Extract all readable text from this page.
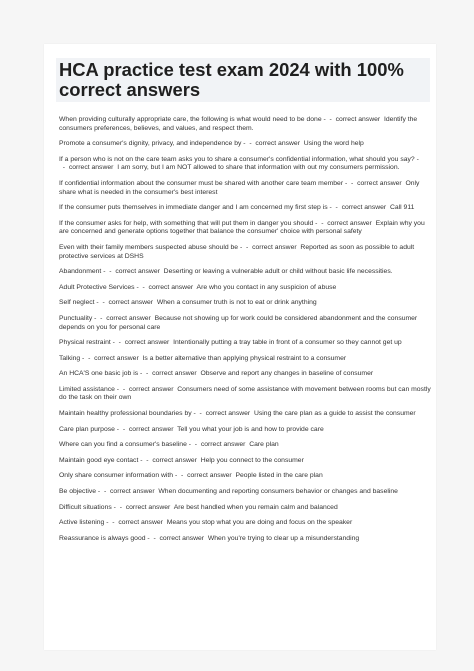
HCA practice test exam 2024 with 100% correct answers
When providing culturally appropriate care, the following is what would need to be done -  -  correct answer Identify the consumers preferences, believes, and values, and respect them.
Promote a consumer's dignity, privacy, and independence by -  -  correct answer Using the word help
If a person who is not on the care team asks you to share a consumer's confidential information, what should you say? -  -  correct answer I am sorry, but I am NOT allowed to share that information with out my consumers permission.
If confidential information about the consumer must be shared with another care team member -  -  correct answer Only share what is needed in the consumer's best interest
If the consumer puts themselves in immediate danger and I am concerned my first step is -  -  correct answer Call 911
If the consumer asks for help, with something that will put them in danger you should -  -  correct answer Explain why you are concerned and generate options together that balance the consumer' choice with personal safety
Even with their family members suspected abuse should be -  -  correct answer Reported as soon as possible to adult protective services at DSHS
Abandonment -  -  correct answer Deserting or leaving a vulnerable adult or child without basic life necessities.
Adult Protective Services -  -  correct answer Are who you contact in any suspicion of abuse
Self neglect -  -  correct answer When a consumer truth is not to eat or drink anything
Punctuality -  -  correct answer Because not showing up for work could be considered abandonment and the consumer depends on you for personal care
Physical restraint -  -  correct answer Intentionally putting a tray table in front of a consumer so they cannot get up
Talking -  -  correct answer Is a better alternative than applying physical restraint to a consumer
An HCA'S one basic job is -  -  correct answer Observe and report any changes in baseline of consumer
Limited assistance -  -  correct answer Consumers need of some assistance with movement between rooms but can mostly do the task on their own
Maintain healthy professional boundaries by -  -  correct answer Using the care plan as a guide to assist the consumer
Care plan purpose -  -  correct answer Tell you what your job is and how to provide care
Where can you find a consumer's baseline -  -  correct answer Care plan
Maintain good eye contact -  -  correct answer Help you connect to the consumer
Only share consumer information with -  -  correct answer People listed in the care plan
Be objective -  -  correct answer When documenting and reporting consumers behavior or changes and baseline
Difficult situations -  -  correct answer Are best handled when you remain calm and balanced
Active listening -  -  correct answer Means you stop what you are doing and focus on the speaker
Reassurance is always good -  -  correct answer When you're trying to clear up a misunderstanding
